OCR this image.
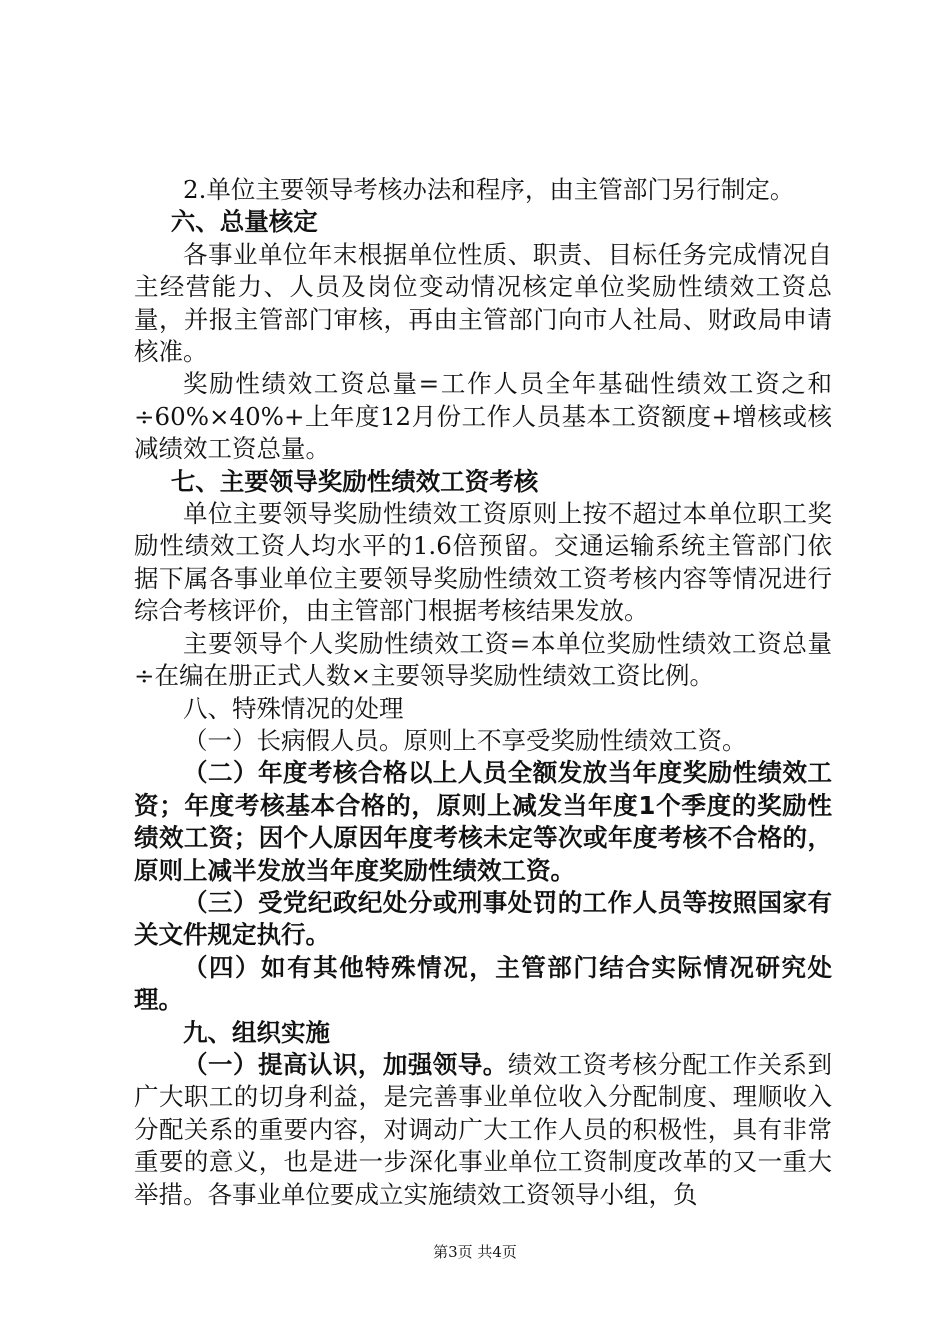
2.单位主要领导考核办法和程序，由主管部门另行制定。

六、总量核定

各事业单位年末根据单位性质、职责、目标任务完成情况自主经营能力、人员及岗位变动情况核定单位奖励性绩效工资总量，并报主管部门审核，再由主管部门向市人社局、财政局申请核准。

奖励性绩效工资总量=工作人员全年基础性绩效工资之和÷60%×40%+上年度12月份工作人员基本工资额度+增核或核减绩效工资总量。

七、主要领导奖励性绩效工资考核

单位主要领导奖励性绩效工资原则上按不超过本单位职工奖励性绩效工资人均水平的1.6倍预留。交通运输系统主管部门依据下属各事业单位主要领导奖励性绩效工资考核内容等情况进行综合考核评价，由主管部门根据考核结果发放。

主要领导个人奖励性绩效工资=本单位奖励性绩效工资总量÷在编在册正式人数×主要领导奖励性绩效工资比例。

八、特殊情况的处理

（一）长病假人员。原则上不享受奖励性绩效工资。

（二）年度考核合格以上人员全额发放当年度奖励性绩效工资；年度考核基本合格的，原则上减发当年度1个季度的奖励性绩效工资；因个人原因年度考核未定等次或年度考核不合格的，原则上减半发放当年度奖励性绩效工资。

（三）受党纪政纪处分或刑事处罚的工作人员等按照国家有关文件规定执行。

（四）如有其他特殊情况，主管部门结合实际情况研究处理。

九、组织实施

（一）提高认识，加强领导。绩效工资考核分配工作关系到广大职工的切身利益，是完善事业单位收入分配制度、理顺收入分配关系的重要内容，对调动广大工作人员的积极性，具有非常重要的意义，也是进一步深化事业单位工资制度改革的又一重大举措。各事业单位要成立实施绩效工资领导小组，负

第3页 共4页
